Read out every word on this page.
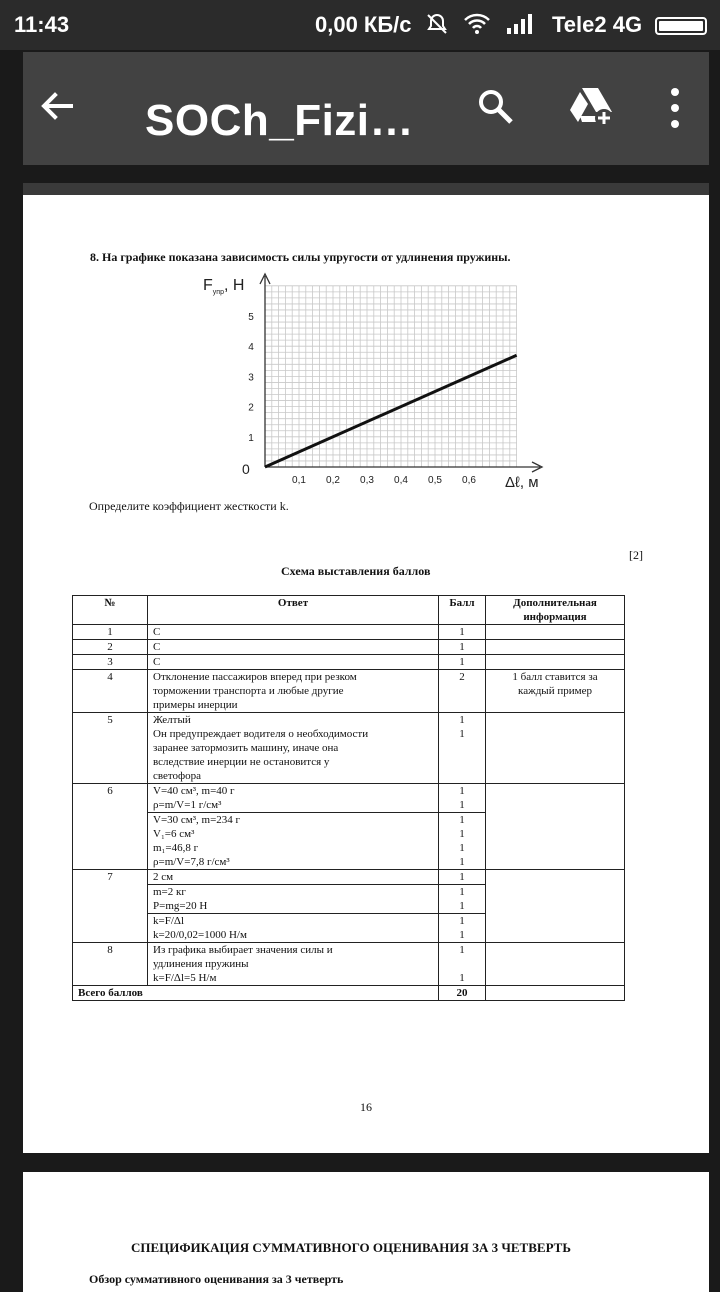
11:43	0,00 КБ/с	Tele2 4G
SOCh_Fizi…
8. На графике показана зависимость силы упругости от удлинения пружины.
0,1 0,2 0,3 0,4 0,5 0,6
1
2
3
4
5
$F_{упр}$, Н
Δℓ, м
0
Определите коэффициент жесткости k.
[2]
Схема выставления баллов
№	Ответ	Балл	Дополнительная
информация

1	C	1	
2	C	1	
3	C	1	
4	Отклонение пассажиров вперед при резком
торможении транспорта и любые другие
примеры инерции	2	1 балл ставится за
каждый пример

5	Желтый
Он предупреждает водителя о необходимости
заранее затормозить машину, иначе она
вследствие инерции не остановится у
светофора	1
1	

6	V=40 см³, m=40 г
ρ=m/V=1 г/см³	1
1	

	V=30 см³, m=234 г
V₁=6 см³
m₁=46,8 г
ρ=m/V=7,8 г/см³	1
1
1
1	

7	2 см	1	

	m=2 кг
P=mg=20 Н	1
1	

	k=F/Δl
k=20/0,02=1000 Н/м	1
1	

8	Из графика выбирает значения силы и
удлинения пружины
k=F/Δl=5 Н/м	1

1	

Всего баллов		20	
16
СПЕЦИФИКАЦИЯ СУММАТИВНОГО ОЦЕНИВАНИЯ ЗА 3 ЧЕТВЕРТЬ
Обзор суммативного оценивания за 3 четверть
